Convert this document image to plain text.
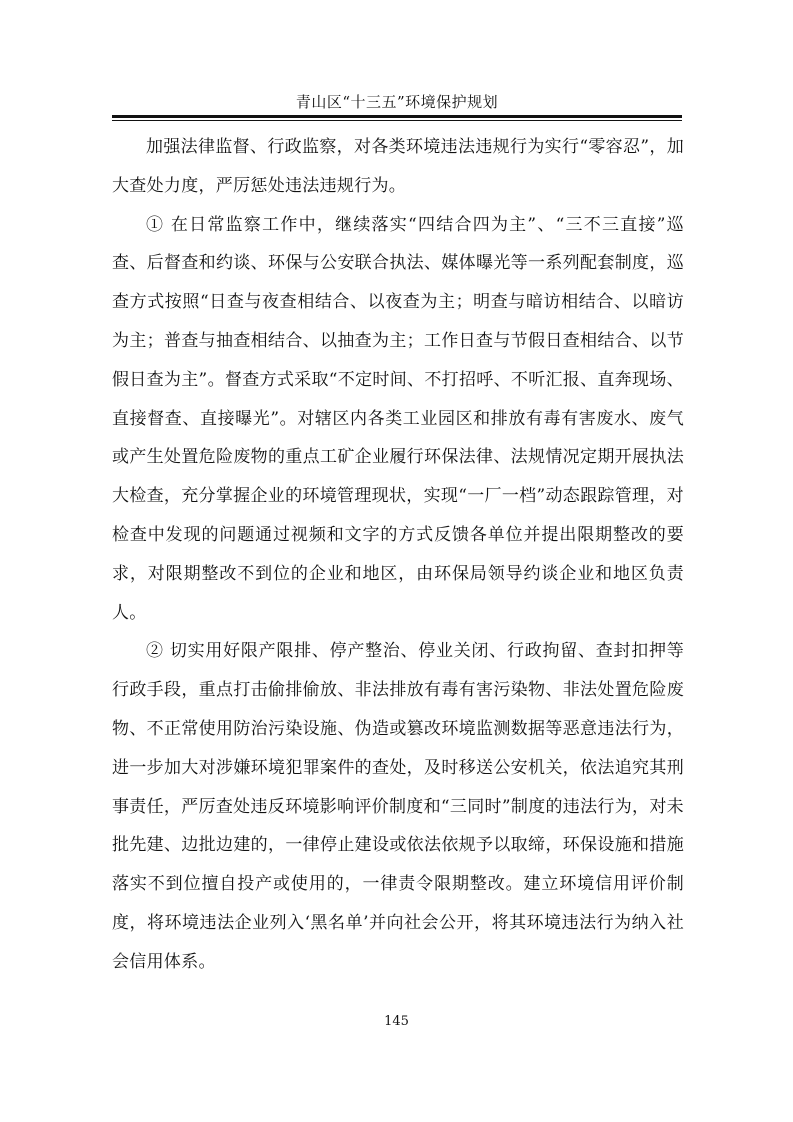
青山区“十三五”环境保护规划

加强法律监督、行政监察，对各类环境违法违规行为实行“零容忍”，加大查处力度，严厉惩处违法违规行为。

① 在日常监察工作中，继续落实“四结合四为主”、“三不三直接”巡查、后督查和约谈、环保与公安联合执法、媒体曝光等一系列配套制度，巡查方式按照“日查与夜查相结合、以夜查为主；明查与暗访相结合、以暗访为主；普查与抽查相结合、以抽查为主；工作日查与节假日查相结合、以节假日查为主”。督查方式采取“不定时间、不打招呼、不听汇报、直奔现场、直接督查、直接曝光”。对辖区内各类工业园区和排放有毒有害废水、废气或产生处置危险废物的重点工矿企业履行环保法律、法规情况定期开展执法大检查，充分掌握企业的环境管理现状，实现“一厂一档”动态跟踪管理，对检查中发现的问题通过视频和文字的方式反馈各单位并提出限期整改的要求，对限期整改不到位的企业和地区，由环保局领导约谈企业和地区负责人。

② 切实用好限产限排、停产整治、停业关闭、行政拘留、查封扣押等行政手段，重点打击偷排偷放、非法排放有毒有害污染物、非法处置危险废物、不正常使用防治污染设施、伪造或篡改环境监测数据等恶意违法行为，进一步加大对涉嫌环境犯罪案件的查处，及时移送公安机关，依法追究其刑事责任，严厉查处违反环境影响评价制度和“三同时”制度的违法行为，对未批先建、边批边建的，一律停止建设或依法依规予以取缔，环保设施和措施落实不到位擅自投产或使用的，一律责令限期整改。建立环境信用评价制度，将环境违法企业列入‘黑名单’并向社会公开，将其环境违法行为纳入社会信用体系。

145
